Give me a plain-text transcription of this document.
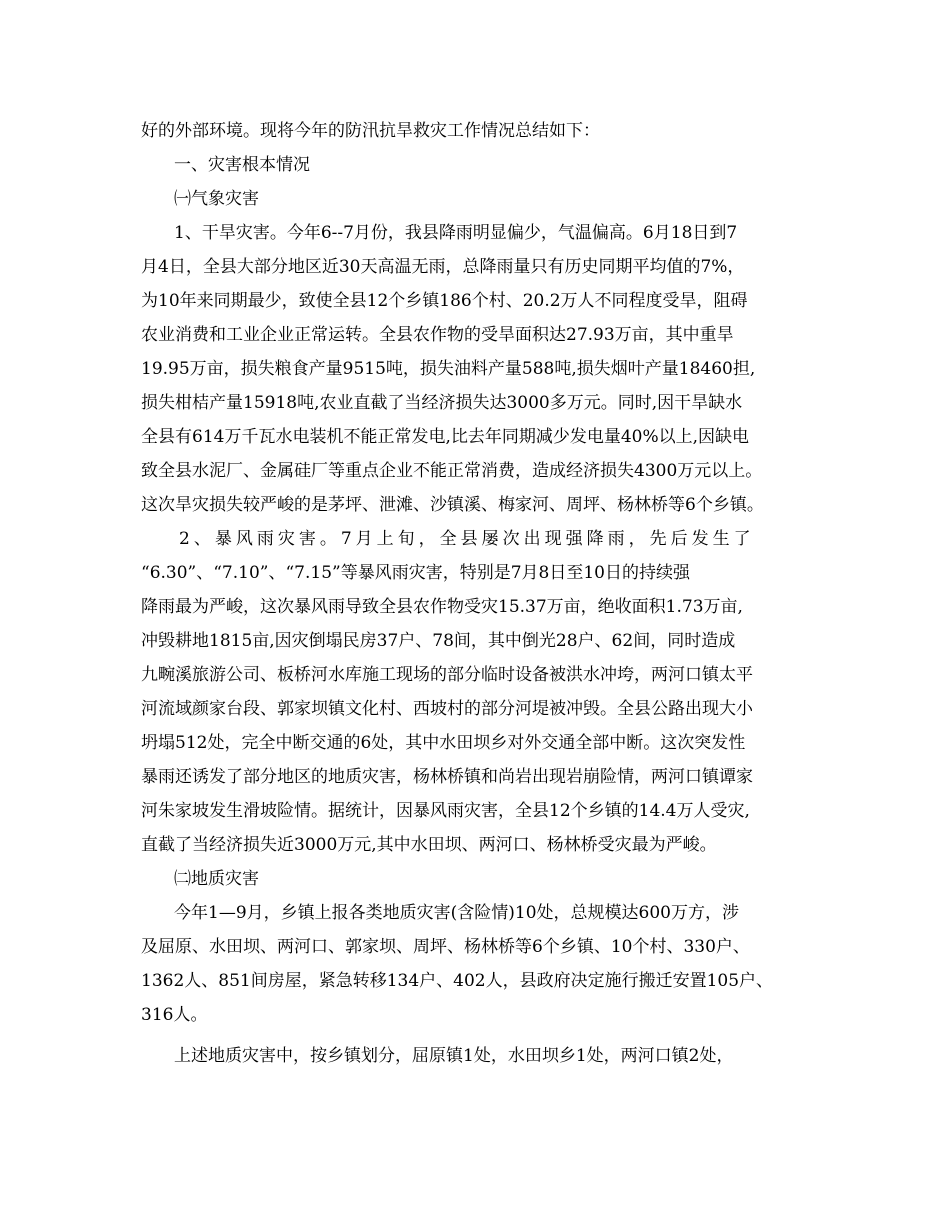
好的外部环境。现将今年的防汛抗旱救灾工作情况总结如下：
一、灾害根本情况
㈠气象灾害
1、干旱灾害。今年6--7月份，我县降雨明显偏少，气温偏高。6月18日到7
月4日，全县大部分地区近30天高温无雨，总降雨量只有历史同期平均值的7%，
为10年来同期最少，致使全县12个乡镇186个村、20.2万人不同程度受旱，阻碍
农业消费和工业企业正常运转。全县农作物的受旱面积达27.93万亩，其中重旱
19.95万亩，损失粮食产量9515吨，损失油料产量588吨,损失烟叶产量18460担,
损失柑桔产量15918吨,农业直截了当经济损失达3000多万元。同时,因干旱缺水
全县有614万千瓦水电装机不能正常发电,比去年同期减少发电量40%以上,因缺电
致全县水泥厂、金属硅厂等重点企业不能正常消费，造成经济损失4300万元以上。
这次旱灾损失较严峻的是茅坪、泄滩、沙镇溪、梅家河、周坪、杨林桥等6个乡镇。
2、暴风雨灾害。7月上旬，全县屡次出现强降雨，先后发生了
“6.30”、“7.10”、“7.15”等暴风雨灾害，特别是7月8日至10日的持续强
降雨最为严峻，这次暴风雨导致全县农作物受灾15.37万亩，绝收面积1.73万亩,
冲毁耕地1815亩,因灾倒塌民房37户、78间，其中倒光28户、62间，同时造成
九畹溪旅游公司、板桥河水库施工现场的部分临时设备被洪水冲垮，两河口镇太平
河流域颜家台段、郭家坝镇文化村、西坡村的部分河堤被冲毁。全县公路出现大小
坍塌512处，完全中断交通的6处，其中水田坝乡对外交通全部中断。这次突发性
暴雨还诱发了部分地区的地质灾害，杨林桥镇和尚岩出现岩崩险情，两河口镇谭家
河朱家坡发生滑坡险情。据统计，因暴风雨灾害，全县12个乡镇的14.4万人受灾,
直截了当经济损失近3000万元,其中水田坝、两河口、杨林桥受灾最为严峻。
㈡地质灾害
今年1—9月，乡镇上报各类地质灾害(含险情)10处，总规模达600万方，涉
及屈原、水田坝、两河口、郭家坝、周坪、杨林桥等6个乡镇、10个村、330户、
1362人、851间房屋，紧急转移134户、402人，县政府决定施行搬迁安置105户、
316人。
上述地质灾害中，按乡镇划分，屈原镇1处，水田坝乡1处，两河口镇2处，
